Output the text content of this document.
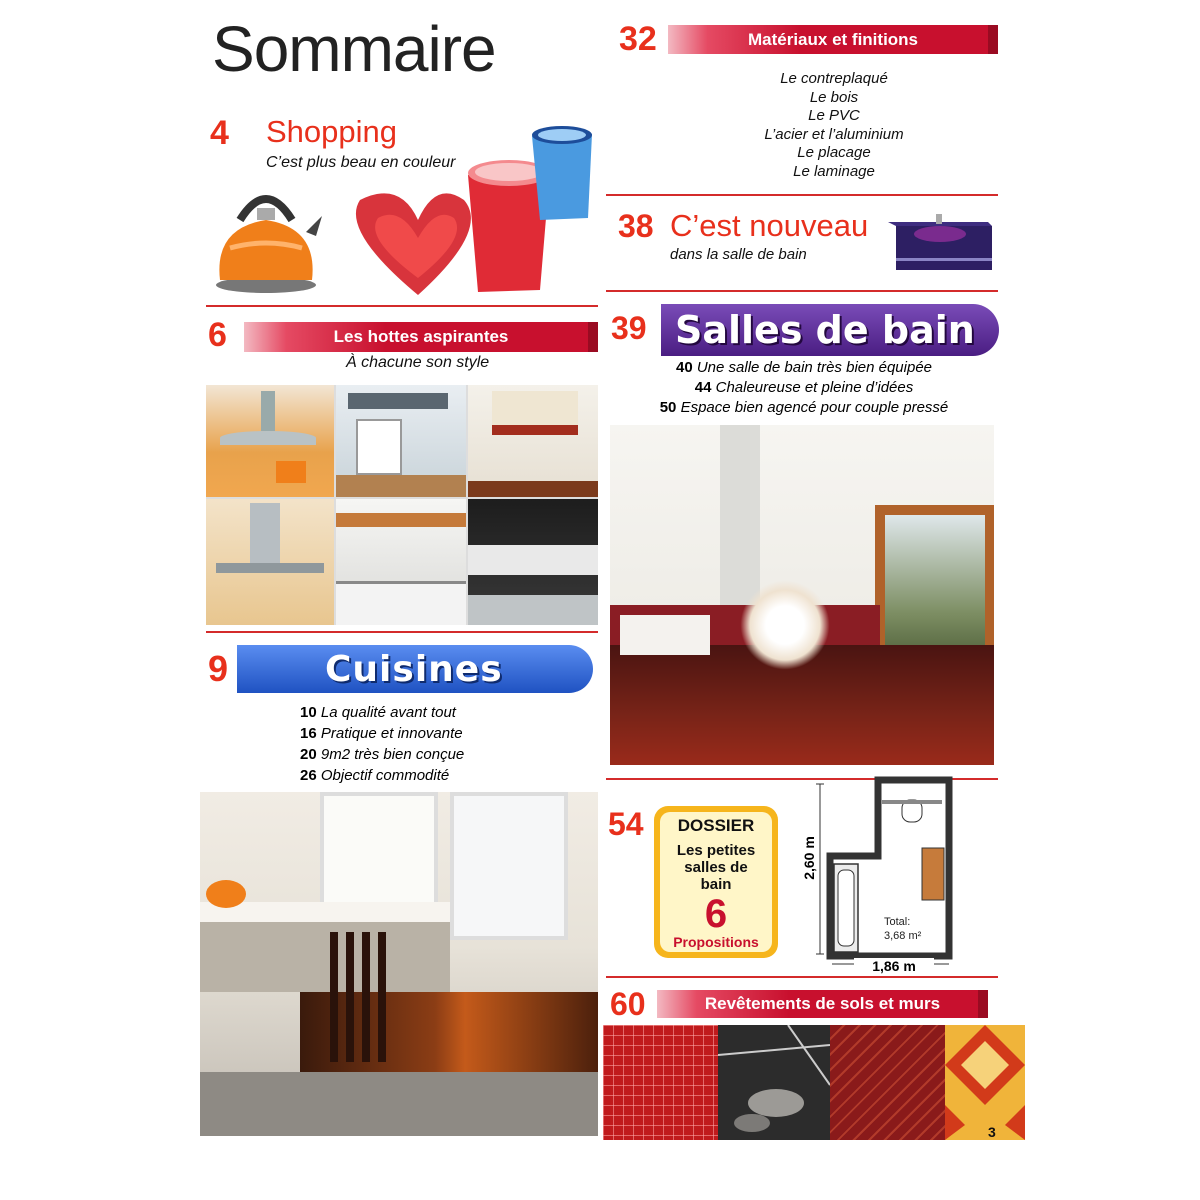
Sommaire
4 Shopping
C’est plus beau en couleur
6	Les hottes aspirantes
À chacune son style
9	Cuisines
10 La qualité avant tout
16 Pratique et innovante
20 9m2 très bien conçue
26 Objectif commodité
32	Matériaux et finitions
Le contreplaqué
Le bois
Le PVC
L’acier et l’aluminium
Le placage
Le laminage
38 C’est nouveau
dans la salle de bain
39 Salles de bain
40 Une salle de bain très bien équipée
44 Chaleureuse et pleine d’idées
50 Espace bien agencé pour couple pressé
54	DOSSIER
Les petites
salles de
bain
6
Propositions
2,60 m
Total:
3,68 m²
1,86 m
60	Revêtements de sols et murs
3
